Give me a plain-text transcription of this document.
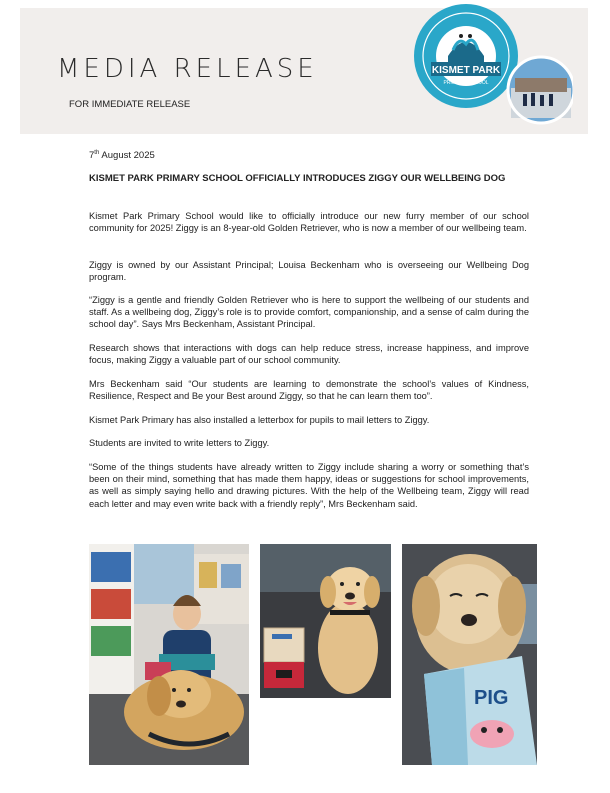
MEDIA RELEASE
FOR IMMEDIATE RELEASE
KISMET PARK
PRIMARY SCHOOL
7th August 2025
KISMET PARK PRIMARY SCHOOL OFFICIALLY INTRODUCES ZIGGY OUR WELLBEING DOG

Kismet Park Primary School would like to officially introduce our new furry member of our school community for 2025! Ziggy is an 8-year-old Golden Retriever, who is now a member of our wellbeing team.

Ziggy is owned by our Assistant Principal; Louisa Beckenham who is overseeing our Wellbeing Dog program.

“Ziggy is a gentle and friendly Golden Retriever who is here to support the wellbeing of our students and staff. As a wellbeing dog, Ziggy’s role is to provide comfort, companionship, and a sense of calm during the school day”. Says Mrs Beckenham, Assistant Principal.

Research shows that interactions with dogs can help reduce stress, increase happiness, and improve focus, making Ziggy a valuable part of our school community.

Mrs Beckenham said “Our students are learning to demonstrate the school’s values of Kindness, Resilience, Respect and Be your Best around Ziggy, so that he can learn them too”.

Kismet Park Primary has also installed a letterbox for pupils to mail letters to Ziggy.

Students are invited to write letters to Ziggy.

“Some of the things students have already written to Ziggy include sharing a worry or something that’s been on their mind, something that has made them happy, ideas or suggestions for school improvements, as well as simply saying hello and drawing pictures. With the help of the Wellbeing team, Ziggy will read each letter and may even write back with a friendly reply”, Mrs Beckenham said.

PIG
